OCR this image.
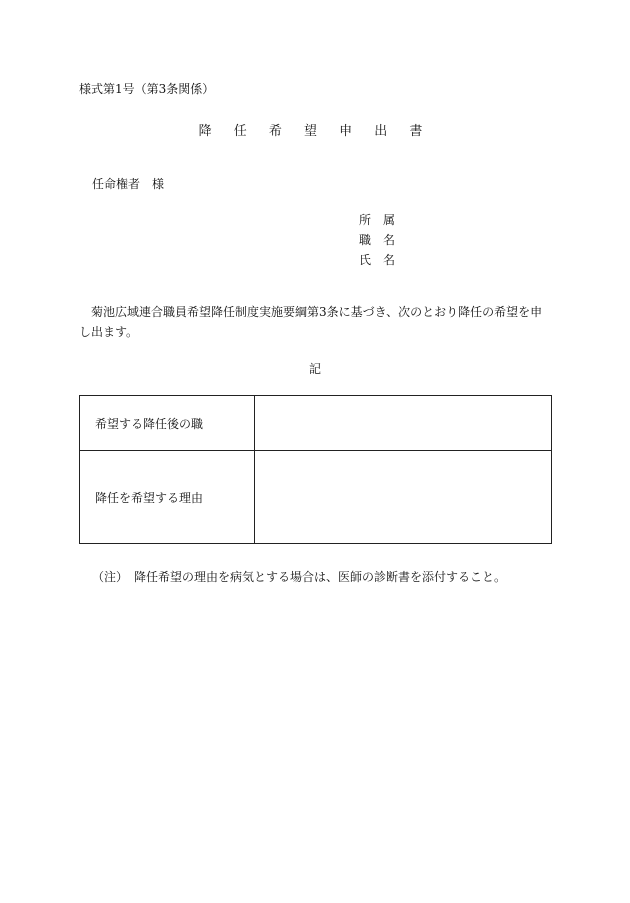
様式第1号（第3条関係）
降 任 希 望 申 出 書
任命権者　様
所　属
職　名
氏　名
菊池広域連合職員希望降任制度実施要綱第3条に基づき、次のとおり降任の希望を申し出ます。
記
希望する降任後の職	
降任を希望する理由	
（注）　降任希望の理由を病気とする場合は、医師の診断書を添付すること。
